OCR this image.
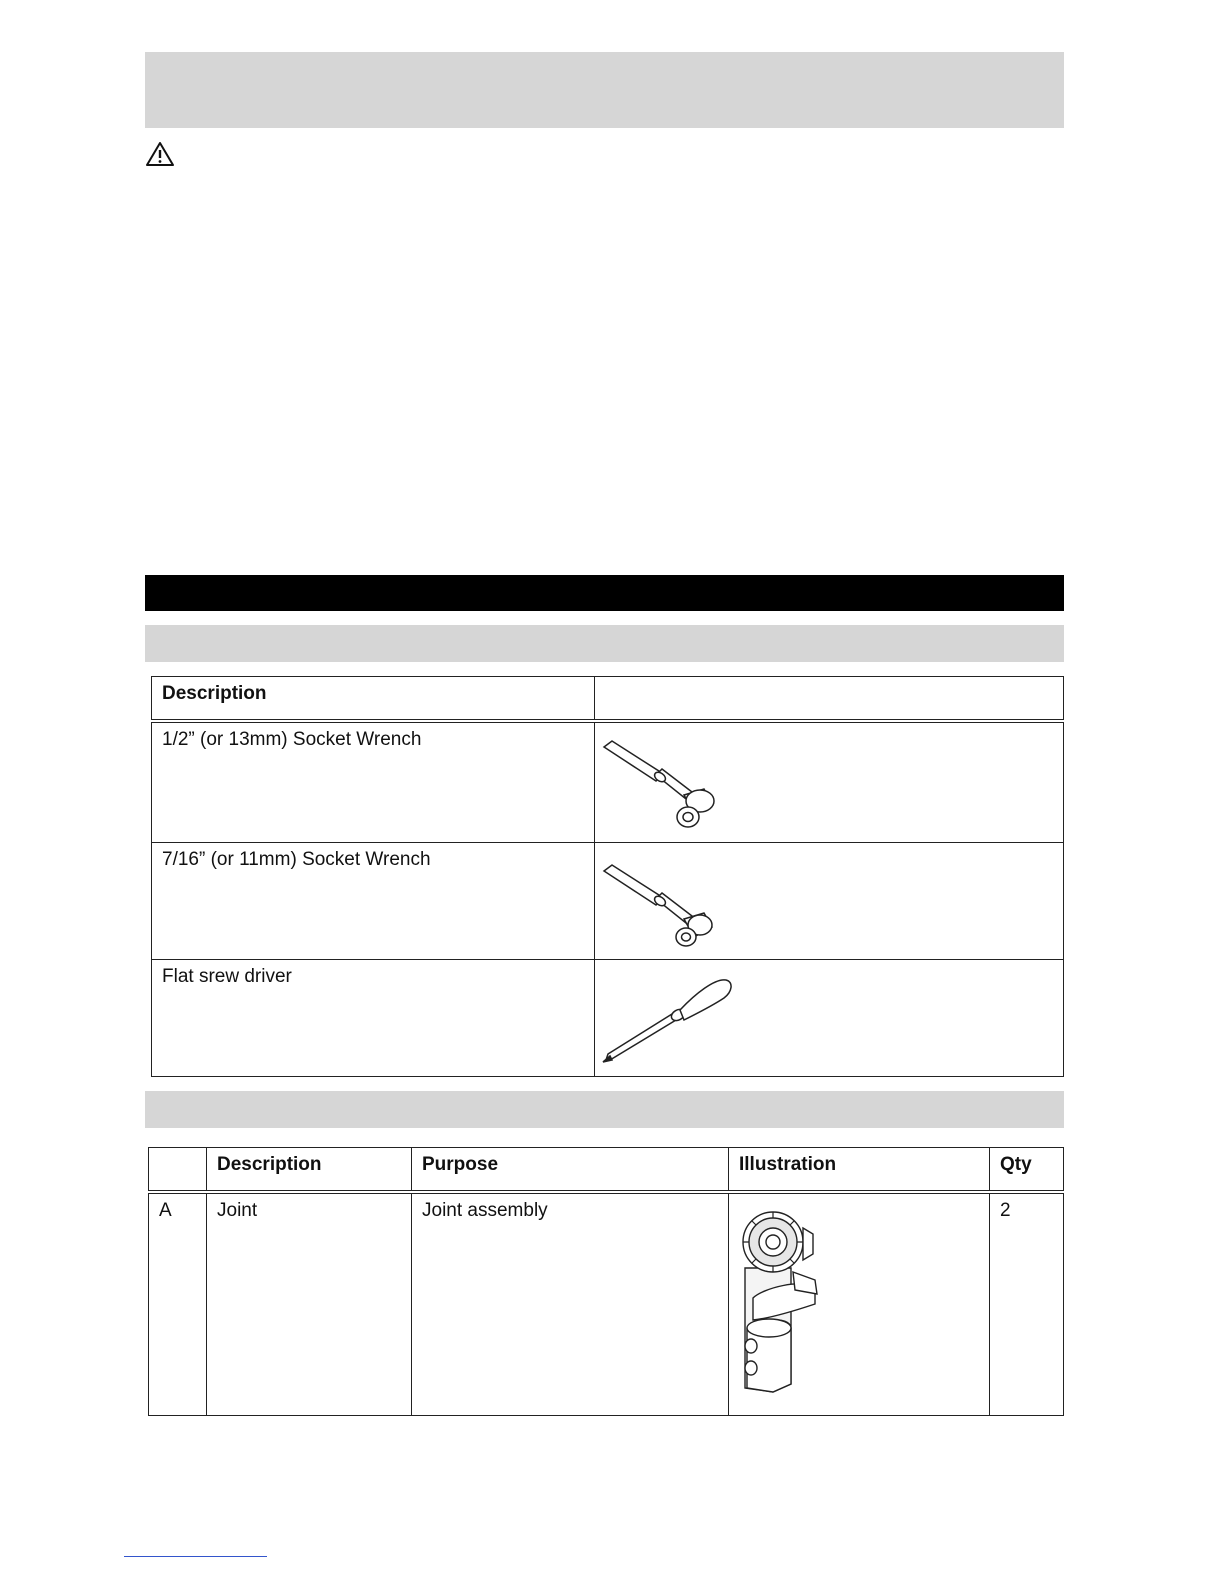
Description	
1/2” (or 13mm) Socket Wrench	

7/16” (or 11mm) Socket Wrench	

Flat srew driver	
	Description	Purpose	Illustration	Qty
A	Joint	Joint assembly		2
